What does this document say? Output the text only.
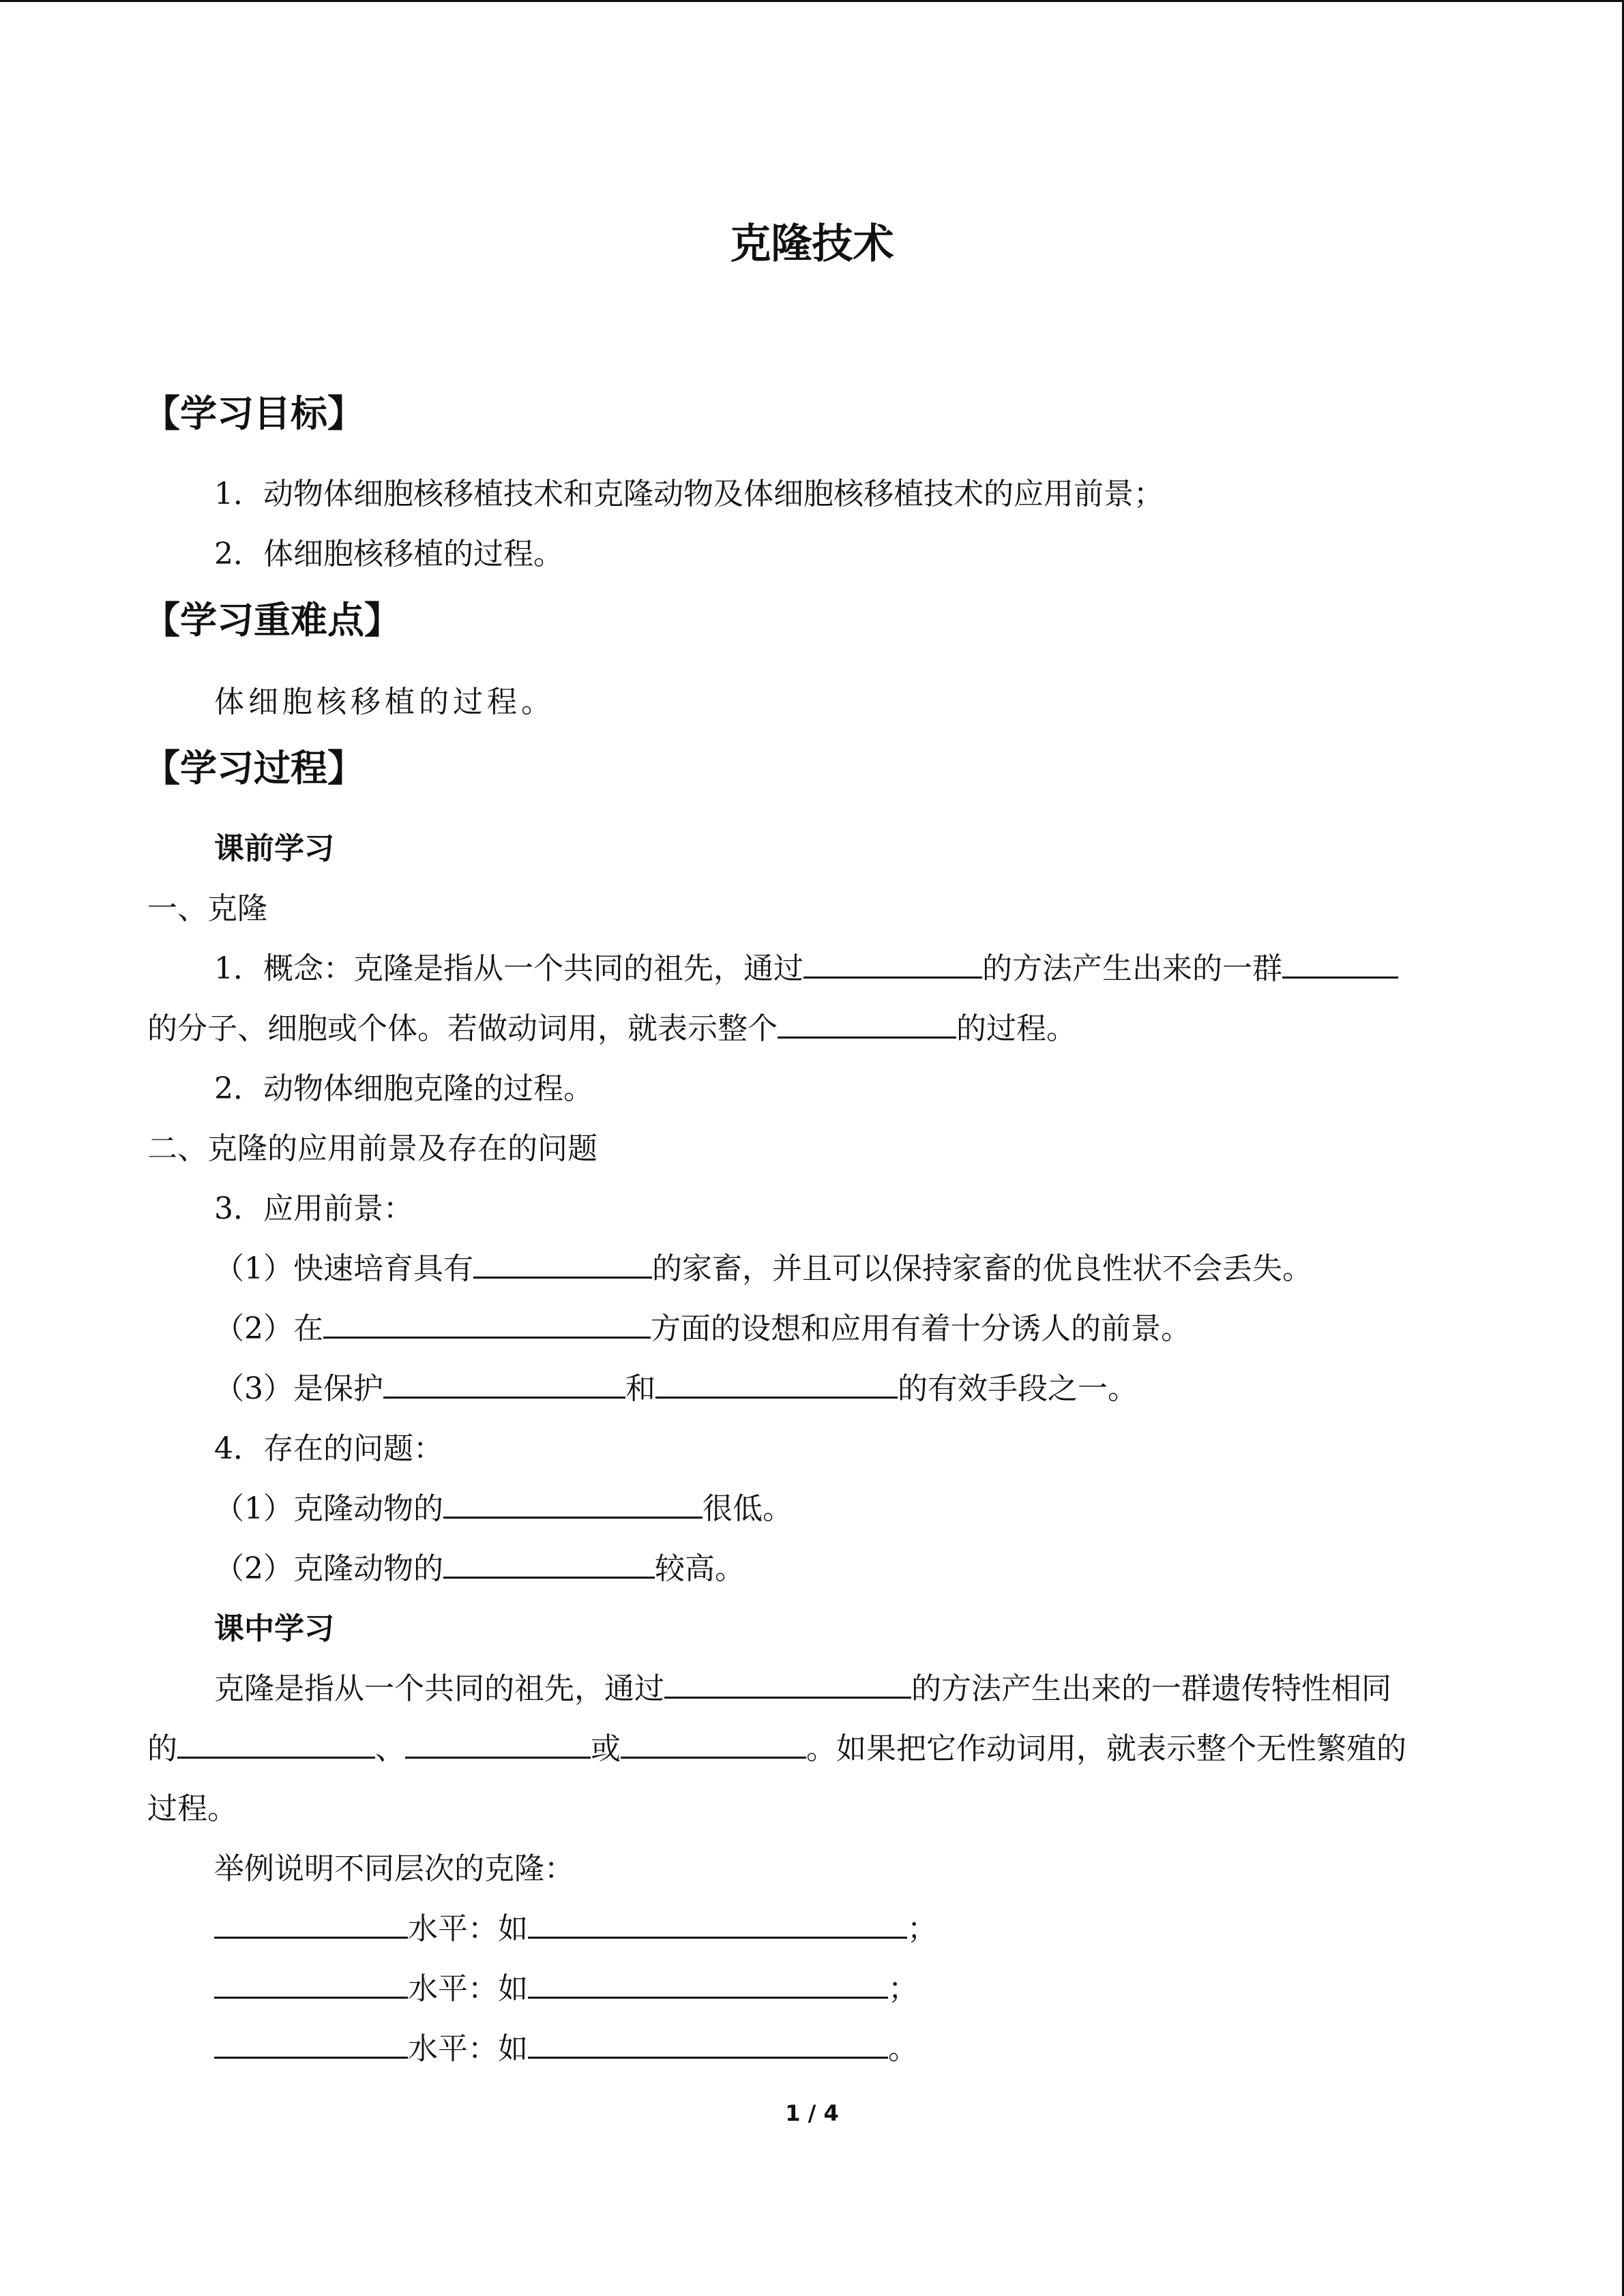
克隆技术
【学习目标】
1．动物体细胞核移植技术和克隆动物及体细胞核移植技术的应用前景；
2．体细胞核移植的过程。
【学习重难点】
体细胞核移植的过程。
【学习过程】
课前学习
一、克隆
1．概念：克隆是指从一个共同的祖先，通过	的方法产生出来的一群
的分子、细胞或个体。若做动词用，就表示整个	的过程。
2．动物体细胞克隆的过程。
二、克隆的应用前景及存在的问题
3．应用前景：
（1）快速培育具有	的家畜，并且可以保持家畜的优良性状不会丢失。
（2）在	方面的设想和应用有着十分诱人的前景。
（3）是保护	和	的有效手段之一。
4．存在的问题：
（1）克隆动物的	很低。
（2）克隆动物的	较高。
课中学习
克隆是指从一个共同的祖先，通过	的方法产生出来的一群遗传特性相同
的	、	或	。如果把它作动词用，就表示整个无性繁殖的
过程。
举例说明不同层次的克隆：
水平：如	；
水平：如	；
水平：如	。
1 / 4
